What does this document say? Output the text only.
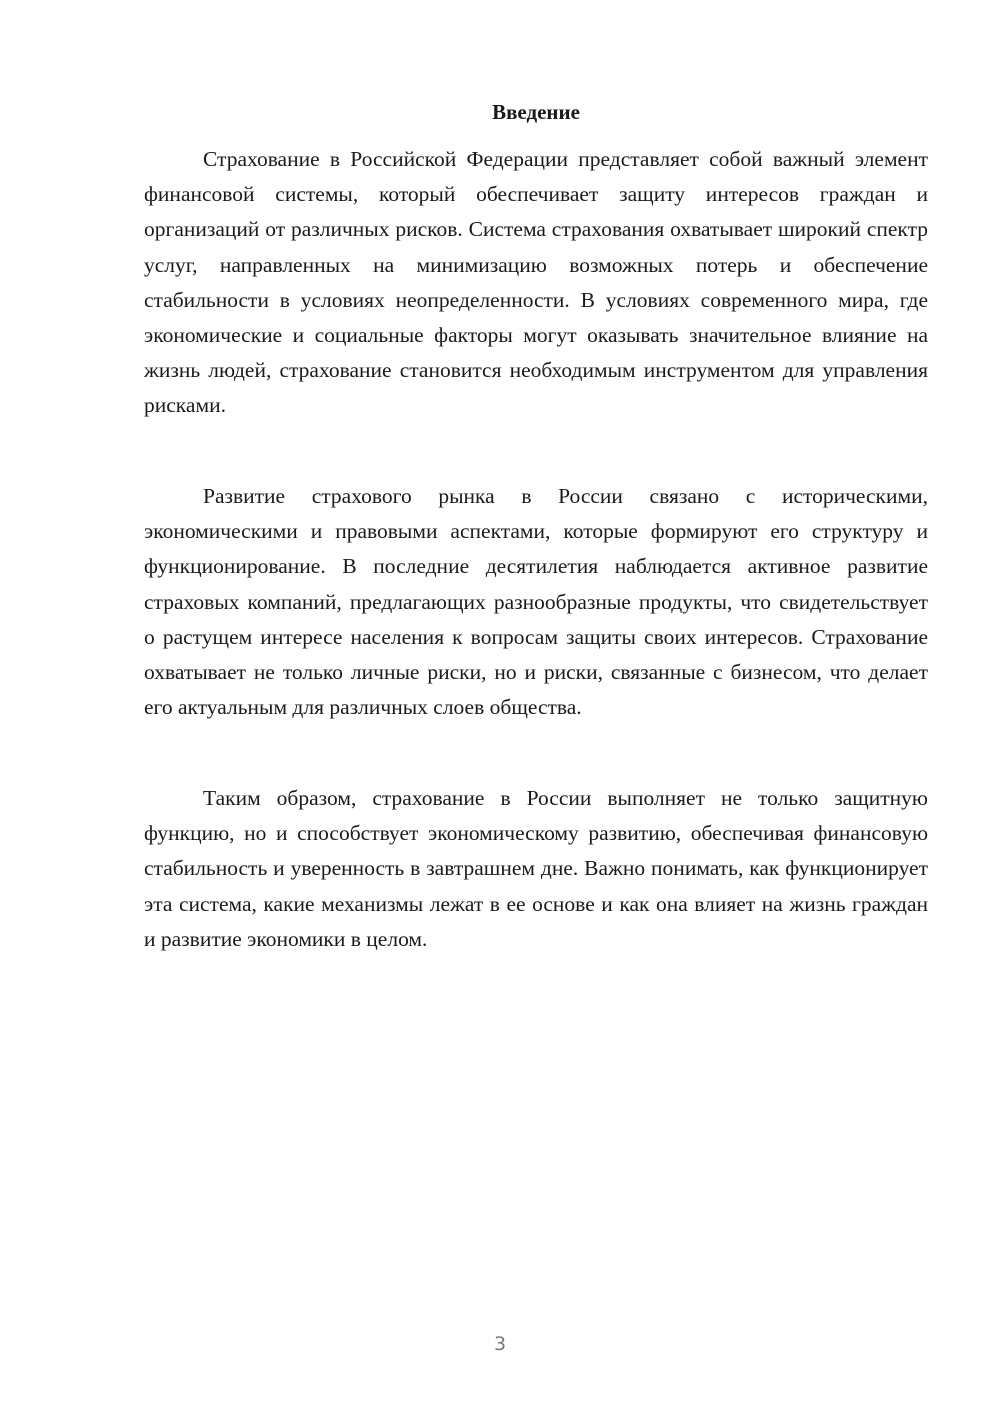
Введение

Страхование в Российской Федерации представляет собой важный элемент финансовой системы, который обеспечивает защиту интересов граждан и организаций от различных рисков. Система страхования охватывает широкий спектр услуг, направленных на минимизацию возможных потерь и обеспечение стабильности в условиях неопределенности. В условиях современного мира, где экономические и социальные факторы могут оказывать значительное влияние на жизнь людей, страхование становится необходимым инструментом для управления рисками.

Развитие страхового рынка в России связано с историческими, экономическими и правовыми аспектами, которые формируют его структуру и функционирование. В последние десятилетия наблюдается активное развитие страховых компаний, предлагающих разнообразные продукты, что свидетельствует о растущем интересе населения к вопросам защиты своих интересов. Страхование охватывает не только личные риски, но и риски, связанные с бизнесом, что делает его актуальным для различных слоев общества.

Таким образом, страхование в России выполняет не только защитную функцию, но и способствует экономическому развитию, обеспечивая финансовую стабильность и уверенность в завтрашнем дне. Важно понимать, как функционирует эта система, какие механизмы лежат в ее основе и как она влияет на жизнь граждан и развитие экономики в целом.

3
